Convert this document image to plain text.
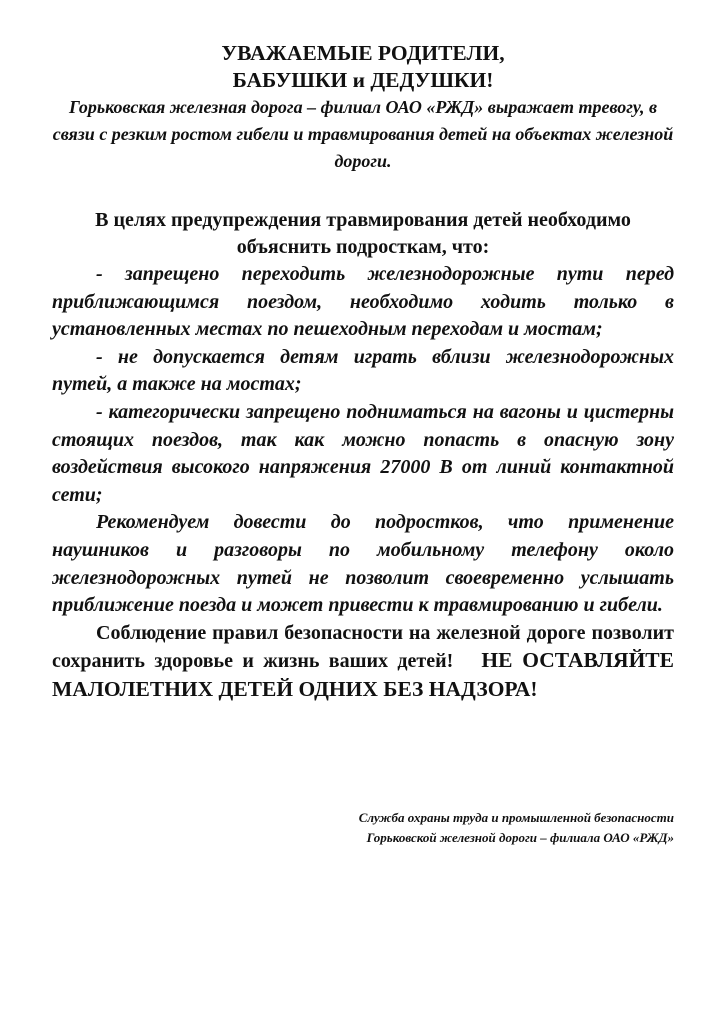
УВАЖАЕМЫЕ РОДИТЕЛИ,

БАБУШКИ и ДЕДУШКИ!

Горьковская железная дорога – филиал ОАО «РЖД» выражает тревогу, в связи с резким ростом гибели и травмирования детей на объектах железной дороги.

В целях предупреждения травмирования детей необходимо объяснить подросткам, что:

- запрещено переходить железнодорожные пути перед приближающимся поездом, необходимо ходить только в установленных местах по пешеходным переходам и мостам;

- не допускается детям играть вблизи железнодорожных путей, а также на мостах;

- категорически запрещено подниматься на вагоны и цистерны стоящих поездов, так как можно попасть в опасную зону воздействия высокого напряжения 27000 В от линий контактной сети;

Рекомендуем довести до подростков, что применение наушников и разговоры по мобильному телефону около железнодорожных путей не позволит своевременно услышать приближение поезда и может привести к травмированию и гибели.

Соблюдение правил безопасности на железной дороге позволит сохранить здоровье и жизнь ваших детей! НЕ ОСТАВЛЯЙТЕ МАЛОЛЕТНИХ ДЕТЕЙ ОДНИХ БЕЗ НАДЗОРА!

Служба охраны труда и промышленной безопасности

Горьковской железной дороги – филиала ОАО «РЖД»
